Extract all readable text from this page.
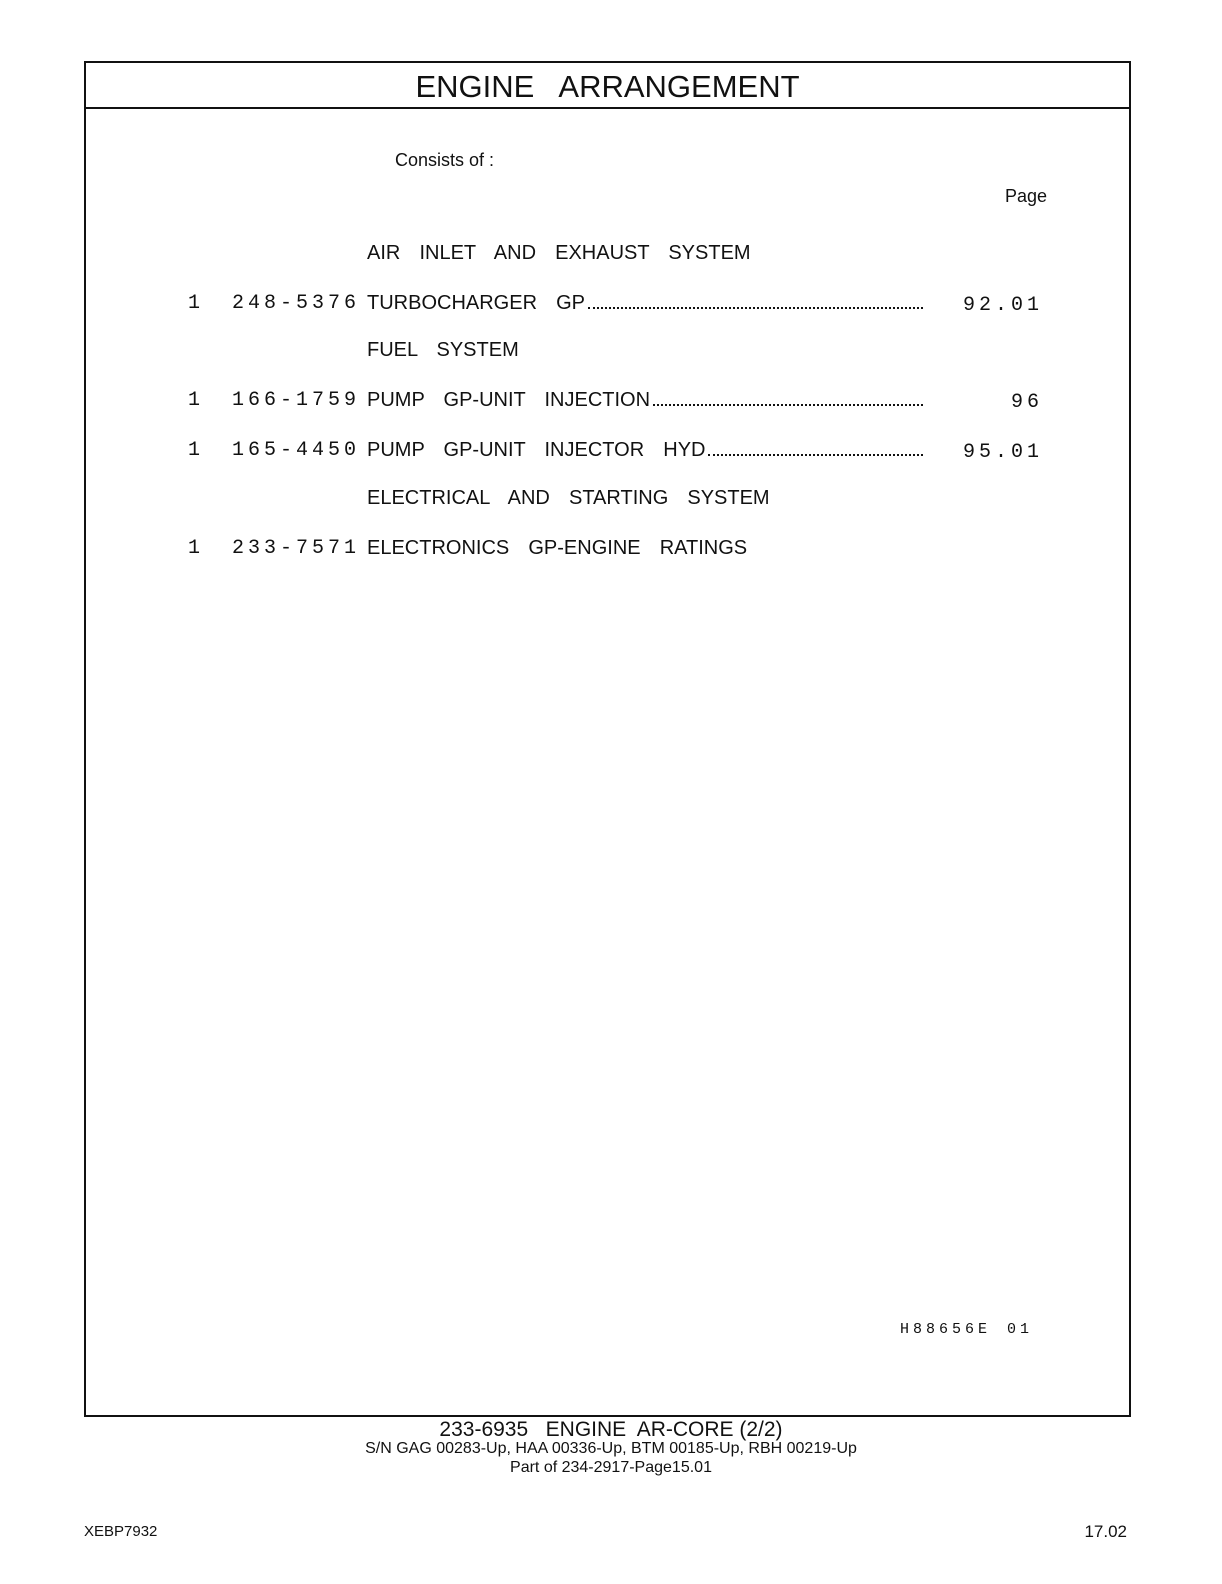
ENGINE   ARRANGEMENT
Consists of :
Page
AIR  INLET  AND  EXHAUST  SYSTEM
1 248-5376 TURBOCHARGER  GP	92.01
FUEL  SYSTEM
1 166-1759 PUMP  GP-UNIT  INJECTION	96
1 165-4450 PUMP  GP-UNIT  INJECTOR  HYD	95.01
ELECTRICAL  AND  STARTING  SYSTEM
1 233-7571 ELECTRONICS  GP-ENGINE  RATINGS
H88656E 01
233-6935   ENGINE  AR-CORE (2/2)
S/N GAG 00283-Up, HAA 00336-Up, BTM 00185-Up, RBH 00219-Up
Part of 234-2917-Page15.01
XEBP7932	17.02
